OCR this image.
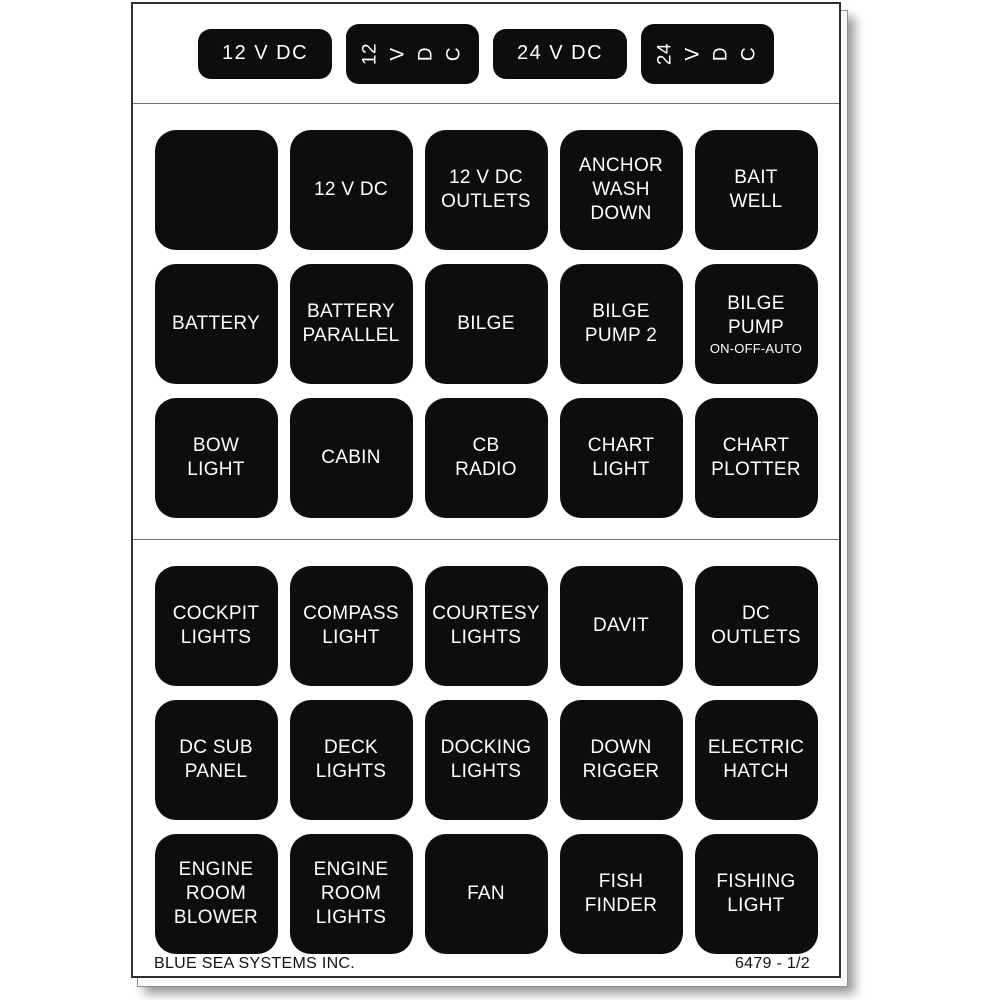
12 V DC	12 V D C	24 V DC	24 V D C
12 V DC
12 V DC
OUTLETS
ANCHOR
WASH
DOWN
BAIT
WELL
BATTERY
BATTERY
PARALLEL
BILGE
BILGE
PUMP 2
BILGE
PUMP
ON-OFF-AUTO
BOW
LIGHT
CABIN
CB
RADIO
CHART
LIGHT
CHART
PLOTTER
COCKPIT
LIGHTS
COMPASS
LIGHT
COURTESY
LIGHTS
DAVIT
DC
OUTLETS
DC SUB
PANEL
DECK
LIGHTS
DOCKING
LIGHTS
DOWN
RIGGER
ELECTRIC
HATCH
ENGINE
ROOM
BLOWER
ENGINE
ROOM
LIGHTS
FAN
FISH
FINDER
FISHING
LIGHT
BLUE SEA SYSTEMS INC.	6479 - 1/2
